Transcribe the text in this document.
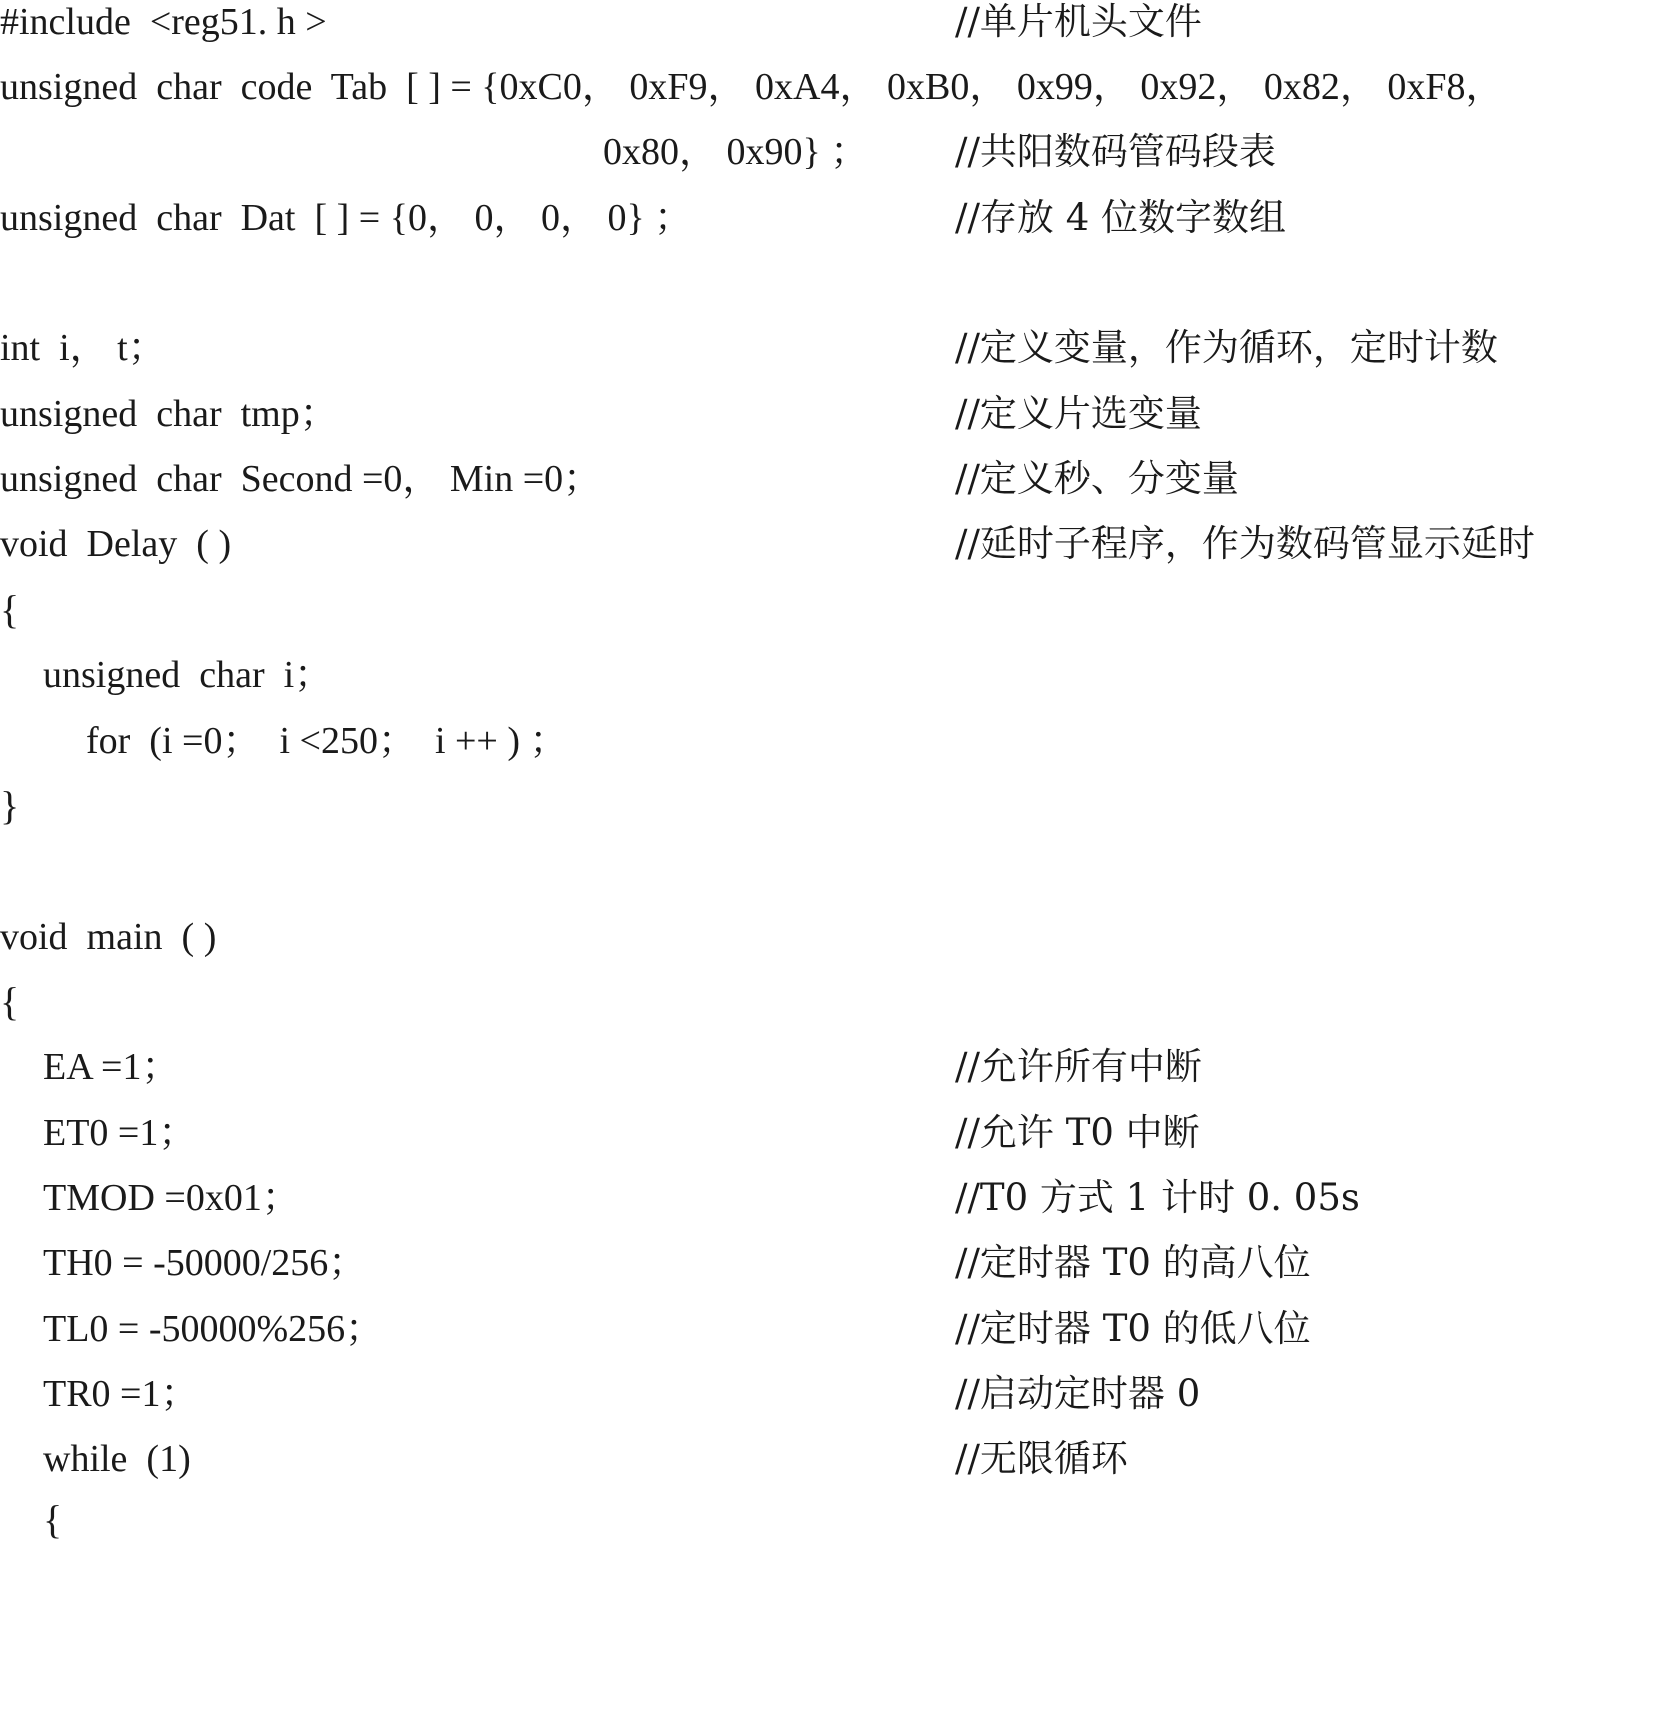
#include  <reg51. h >

	//单片机头文件

unsigned  char  code  Tab  [ ] = {0xC0， 0xF9， 0xA4， 0xB0， 0x99， 0x92， 0x82， 0xF8，

0x80， 0x90} ；

//共阳数码管码段表

unsigned  char  Dat  [ ] = {0， 0， 0， 0} ；

	//存放 4 位数字数组

int  i， t；

	//定义变量，作为循环，定时计数

unsigned  char  tmp；

	//定义片选变量

unsigned  char  Second =0， Min =0；

	//定义秒、分变量

void  Delay  ( )

	//延时子程序，作为数码管显示延时

{

unsigned  char  i；

for  (i =0；  i <250；  i ++ ) ；

}

void  main  ( )

{

EA =1；

	//允许所有中断

ET0 =1；

	//允许 T0 中断

TMOD =0x01；

	//T0 方式 1 计时 0. 05s

TH0 = -50000/256；

	//定时器 T0 的高八位

TL0 = -50000%256；

	//定时器 T0 的低八位

TR0 =1；

	//启动定时器 0

while  (1)

	//无限循环

{
